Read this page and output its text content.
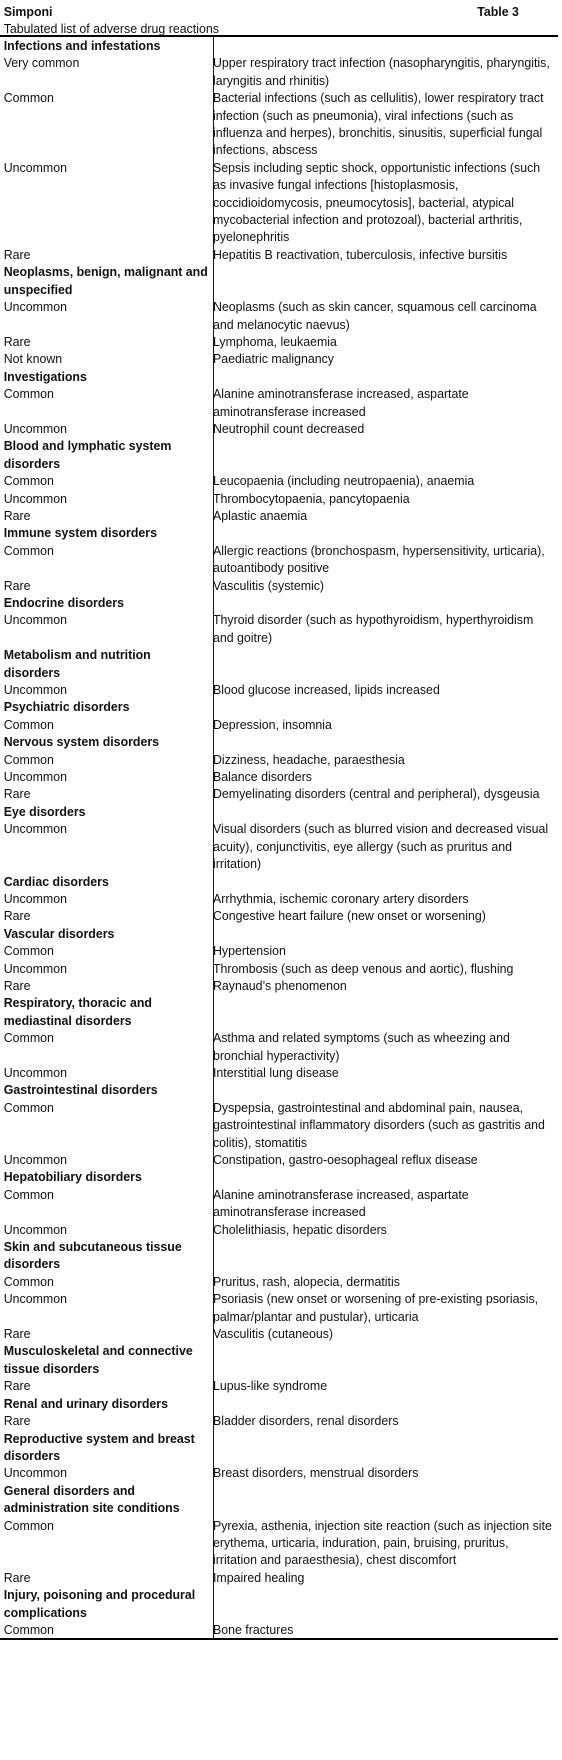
Simponi	Table 3
Tabulated list of adverse drug reactions
Infections and infestations
Very common	Upper respiratory tract infection (nasopharyngitis, pharyngitis, laryngitis and rhinitis)
Common	Bacterial infections (such as cellulitis), lower respiratory tract infection (such as pneumonia), viral infections (such as influenza and herpes), bronchitis, sinusitis, superficial fungal infections, abscess
Uncommon	Sepsis including septic shock, opportunistic infections (such as invasive fungal infections [histoplasmosis, coccidioidomycosis, pneumocytosis], bacterial, atypical mycobacterial infection and protozoal), bacterial arthritis, pyelonephritis
Rare	Hepatitis B reactivation, tuberculosis, infective bursitis
Neoplasms, benign, malignant and unspecified
Uncommon	Neoplasms (such as skin cancer, squamous cell carcinoma and melanocytic naevus)
Rare	Lymphoma, leukaemia
Not known	Paediatric malignancy
Investigations
Common	Alanine aminotransferase increased, aspartate aminotransferase increased
Uncommon	Neutrophil count decreased
Blood and lymphatic system disorders
Common	Leucopaenia (including neutropaenia), anaemia
Uncommon	Thrombocytopaenia, pancytopaenia
Rare	Aplastic anaemia
Immune system disorders
Common	Allergic reactions (bronchospasm, hypersensitivity, urticaria), autoantibody positive
Rare	Vasculitis (systemic)
Endocrine disorders
Uncommon	Thyroid disorder (such as hypothyroidism, hyperthyroidism and goitre)
Metabolism and nutrition disorders
Uncommon	Blood glucose increased, lipids increased
Psychiatric disorders
Common	Depression, insomnia
Nervous system disorders
Common	Dizziness, headache, paraesthesia
Uncommon	Balance disorders
Rare	Demyelinating disorders (central and peripheral), dysgeusia
Eye disorders
Uncommon	Visual disorders (such as blurred vision and decreased visual acuity), conjunctivitis, eye allergy (such as pruritus and irritation)
Cardiac disorders
Uncommon	Arrhythmia, ischemic coronary artery disorders
Rare	Congestive heart failure (new onset or worsening)
Vascular disorders
Common	Hypertension
Uncommon	Thrombosis (such as deep venous and aortic), flushing
Rare	Raynaud’s phenomenon
Respiratory, thoracic and mediastinal disorders
Common	Asthma and related symptoms (such as wheezing and bronchial hyperactivity)
Uncommon	Interstitial lung disease
Gastrointestinal disorders
Common	Dyspepsia, gastrointestinal and abdominal pain, nausea, gastrointestinal inflammatory disorders (such as gastritis and colitis), stomatitis
Uncommon	Constipation, gastro-oesophageal reflux disease
Hepatobiliary disorders
Common	Alanine aminotransferase increased, aspartate aminotransferase increased
Uncommon	Cholelithiasis, hepatic disorders
Skin and subcutaneous tissue disorders
Common	Pruritus, rash, alopecia, dermatitis
Uncommon	Psoriasis (new onset or worsening of pre-existing psoriasis, palmar/plantar and pustular), urticaria
Rare	Vasculitis (cutaneous)
Musculoskeletal and connective tissue disorders
Rare	Lupus-like syndrome
Renal and urinary disorders
Rare	Bladder disorders, renal disorders
Reproductive system and breast disorders
Uncommon	Breast disorders, menstrual disorders
General disorders and administration site conditions
Common	Pyrexia, asthenia, injection site reaction (such as injection site erythema, urticaria, induration, pain, bruising, pruritus, irritation and paraesthesia), chest discomfort
Rare	Impaired healing
Injury, poisoning and procedural complications
Common	Bone fractures
